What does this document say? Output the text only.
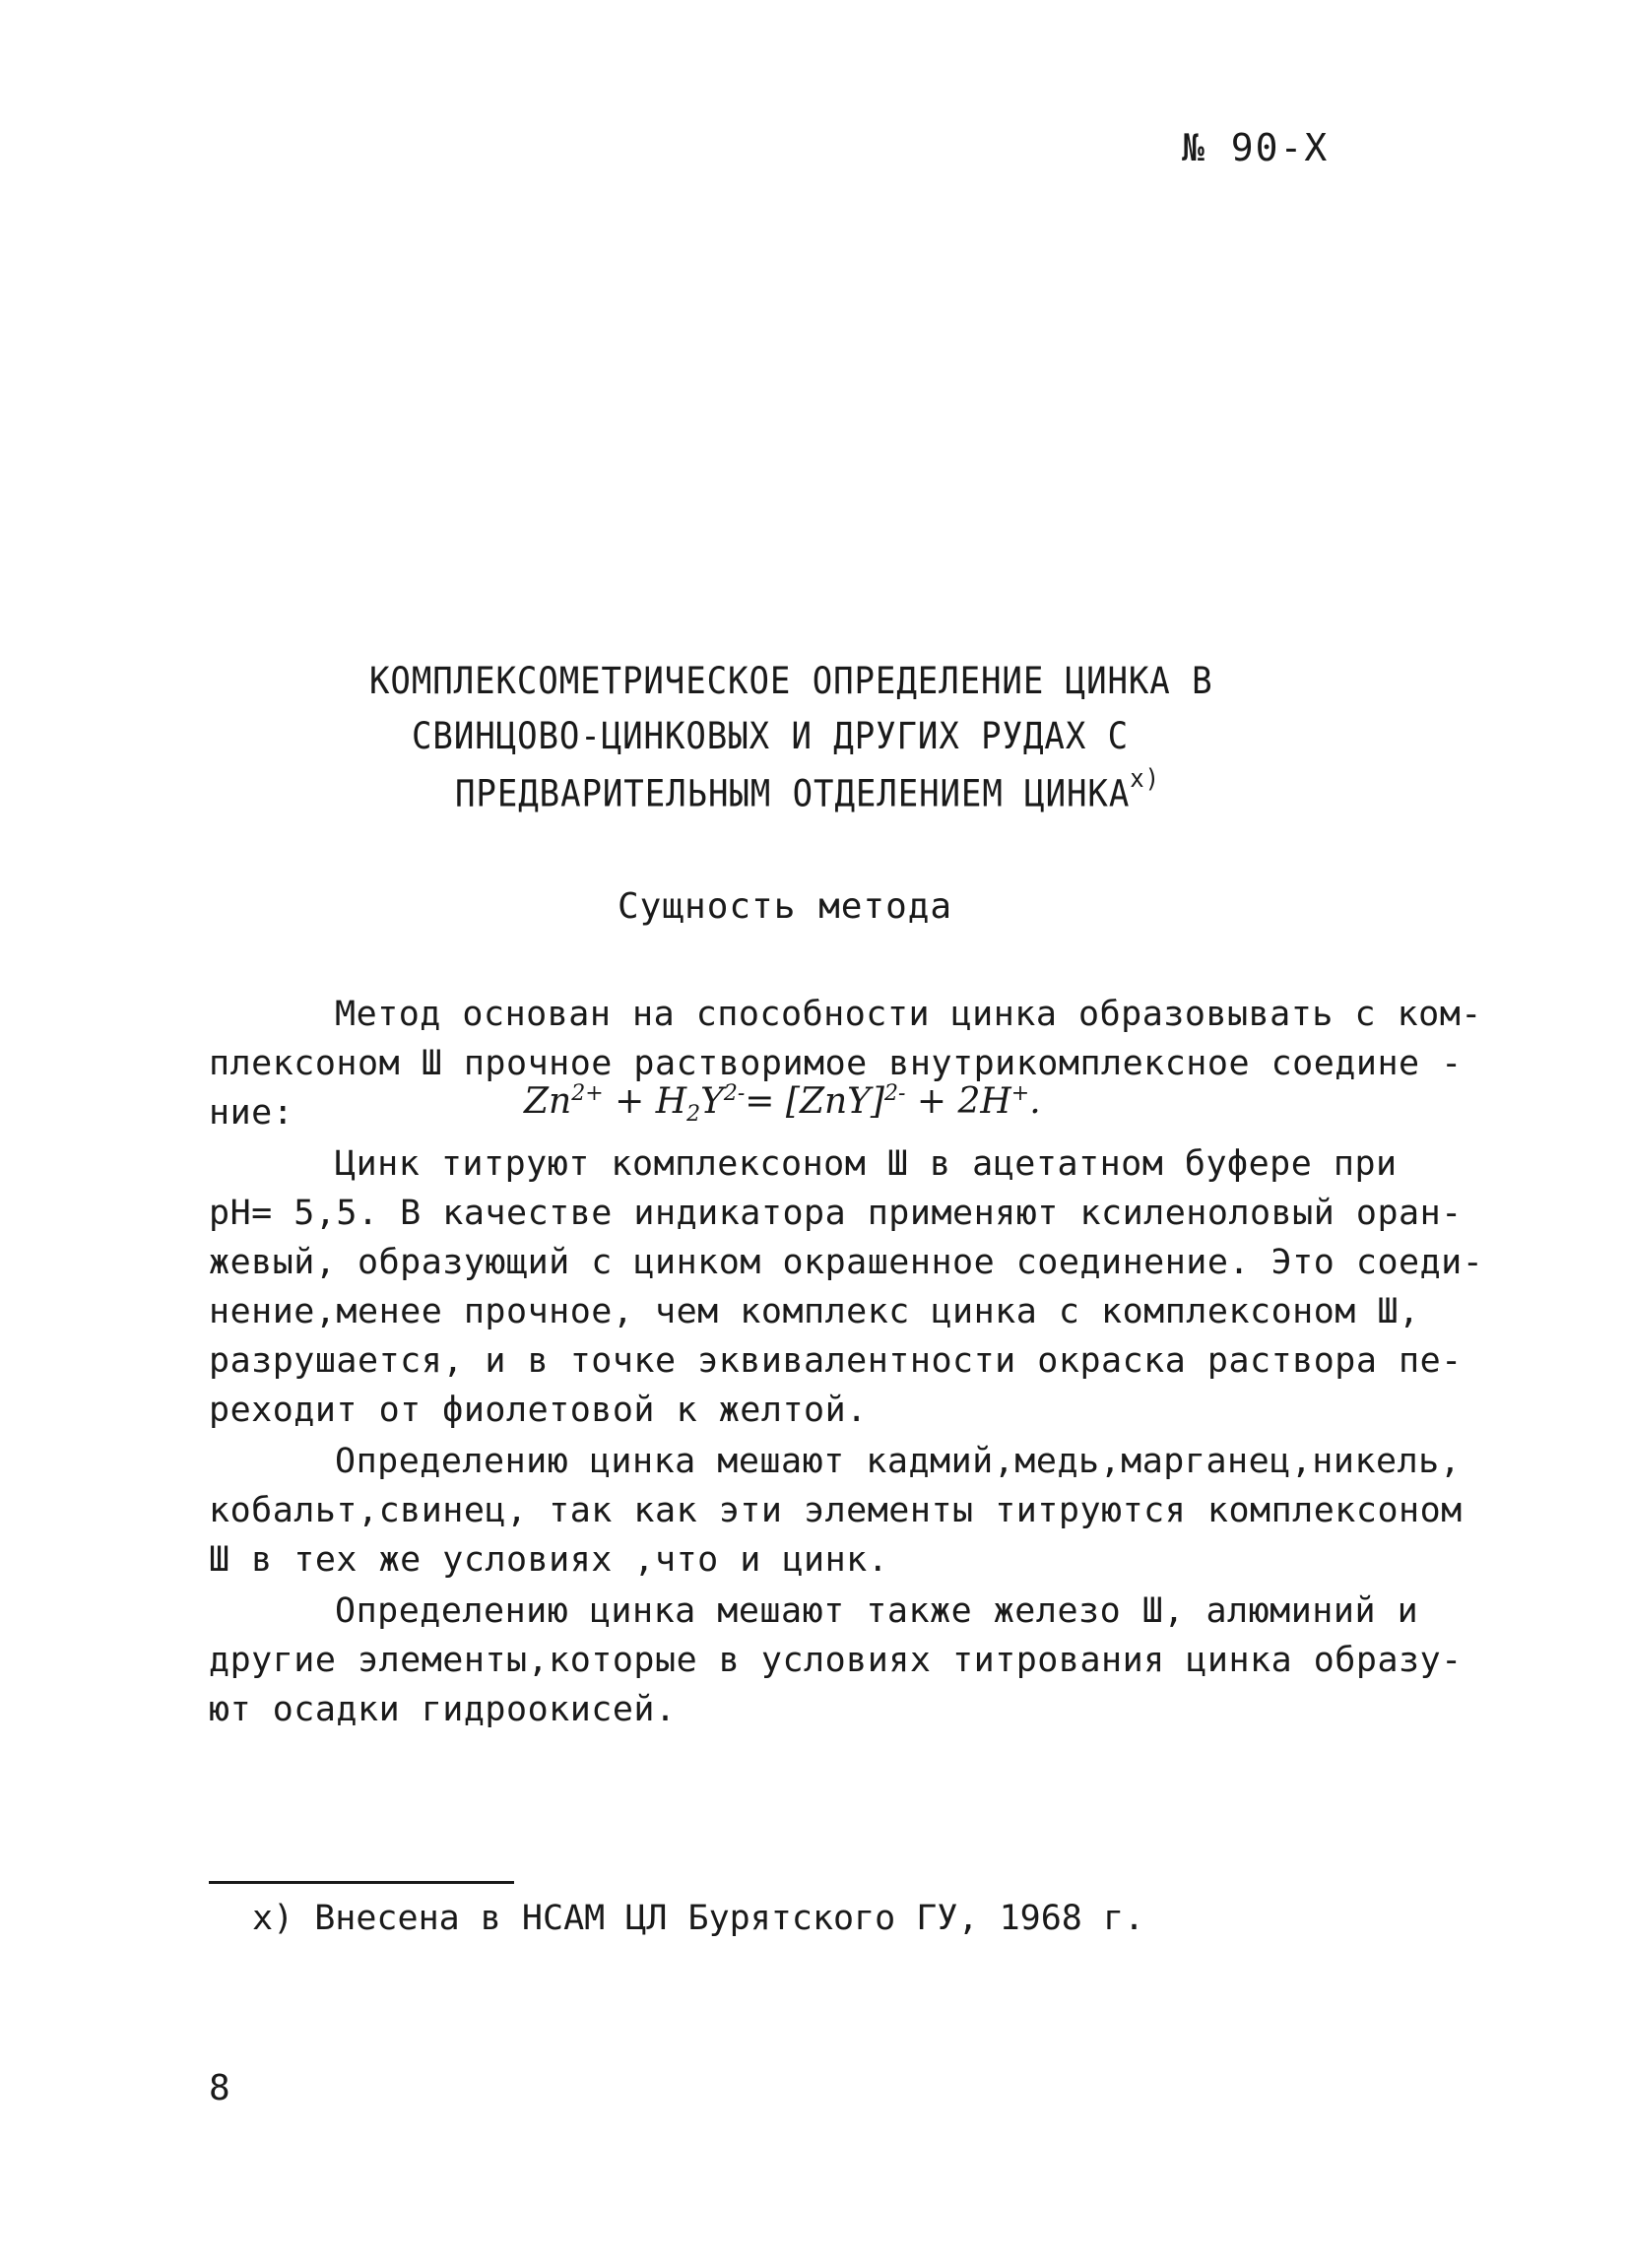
№ 90-Х
КОМПЛЕКСОМЕТРИЧЕСКОЕ ОПРЕДЕЛЕНИЕ ЦИНКА В
СВИНЦОВО-ЦИНКОВЫХ И ДРУГИХ РУДАХ С
ПРЕДВАРИТЕЛЬНЫМ ОТДЕЛЕНИЕМ $ЦИНКА^{х)}$
Сущность метода
Метод основан на способности цинка образовывать с ком-
плексоном Ш прочное растворимое внутрикомплексное соедине -
ние:	$Zn^{2+} + H_2Y^{2-}= [ZnY]^{2-} + 2H^+$.
Цинк титруют комплексоном Ш в ацетатном буфере при
pH= 5,5. В качестве индикатора применяют ксиленоловый оран-
жевый, образующий с цинком окрашенное соединение. Это соеди-
нение,менее прочное, чем комплекс цинка с комплексоном Ш,
разрушается, и в точке эквивалентности окраска раствора пе-
реходит от фиолетовой к желтой.
Определению цинка мешают кадмий,медь,марганец,никель,
кобальт,свинец, так как эти элементы титруются комплексоном
Ш в тех же условиях ,что и цинк.
Определению цинка мешают также железо Ш, алюминий и
другие элементы,которые в условиях титрования цинка образу-
ют осадки гидроокисей.
х) Внесена в НСАМ ЦЛ Бурятского ГУ, 1968 г.
8
